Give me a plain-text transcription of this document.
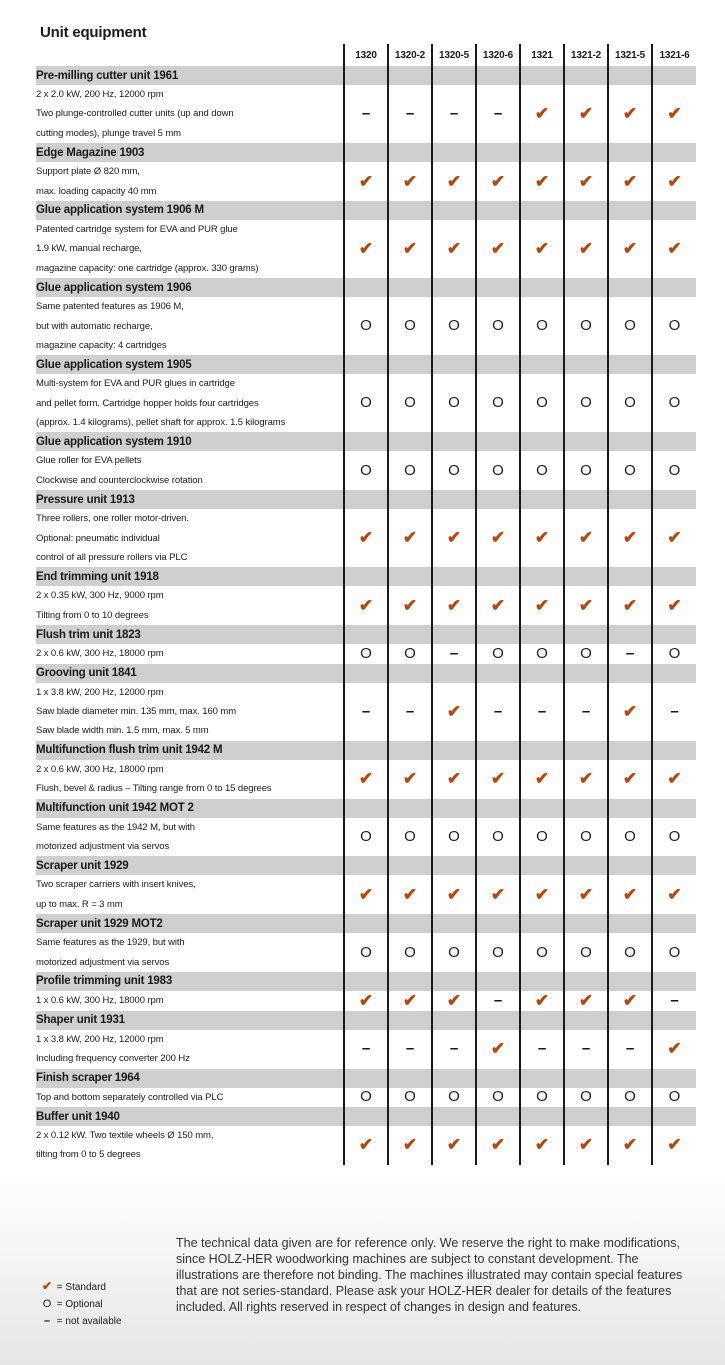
Unit equipment
	1320	1320-2	1320-5	1320-6	1321	1321-2	1321-5	1321-6
Pre-milling cutter unit 1961								

2 x 2.0 kW, 200 Hz, 12000 rpm
Two plunge-controlled cutter units (up and down
cutting modes), plunge travel 5 mm	–	–	–	–	✔	✔	✔	✔
Edge Magazine 1903								

Support plate Ø 820 mm,
max. loading capacity 40 mm	✔	✔	✔	✔	✔	✔	✔	✔
Glue application system 1906 M								

Patented cartridge system for EVA and PUR glue
1.9 kW, manual recharge,
magazine capacity: one cartridge (approx. 330 grams)	✔	✔	✔	✔	✔	✔	✔	✔
Glue application system 1906								

Same patented features as 1906 M,
but with automatic recharge,
magazine capacity: 4 cartridges	O	O	O	O	O	O	O	O
Glue application system 1905								

Multi-system for EVA and PUR glues in cartridge
and pellet form. Cartridge hopper holds four cartridges
(approx. 1.4 kilograms), pellet shaft for approx. 1.5 kilograms	O	O	O	O	O	O	O	O
Glue application system 1910								

Glue roller for EVA pellets
Clockwise and counterclockwise rotation	O	O	O	O	O	O	O	O
Pressure unit 1913								

Three rollers, one roller motor-driven.
Optional: pneumatic individual
control of all pressure rollers via PLC	✔	✔	✔	✔	✔	✔	✔	✔
End trimming unit 1918								

2 x 0.35 kW, 300 Hz, 9000 rpm
Tilting from 0 to 10 degrees	✔	✔	✔	✔	✔	✔	✔	✔
Flush trim unit 1823								

2 x 0.6 kW, 300 Hz, 18000 rpm	O	O	–	O	O	O	–	O
Grooving unit 1841								

1 x 3.8 kW, 200 Hz, 12000 rpm
Saw blade diameter min. 135 mm, max. 160 mm
Saw blade width min. 1.5 mm, max. 5 mm	–	–	✔	–	–	–	✔	–
Multifunction flush trim unit 1942 M								

2 x 0.6 kW, 300 Hz, 18000 rpm
Flush, bevel & radius – Tilting range from 0 to 15 degrees	✔	✔	✔	✔	✔	✔	✔	✔
Multifunction unit 1942 MOT 2								

Same features as the 1942 M, but with
motorized adjustment via servos	O	O	O	O	O	O	O	O
Scraper unit 1929								

Two scraper carriers with insert knives,
up to max. R = 3 mm	✔	✔	✔	✔	✔	✔	✔	✔
Scraper unit 1929 MOT2								

Same features as the 1929, but with
motorized adjustment via servos	O	O	O	O	O	O	O	O
Profile trimming unit 1983								

1 x 0.6 kW, 300 Hz, 18000 rpm	✔	✔	✔	–	✔	✔	✔	–
Shaper unit 1931								

1 x 3.8 kW, 200 Hz, 12000 rpm
Including frequency converter 200 Hz	–	–	–	✔	–	–	–	✔
Finish scraper 1964								

Top and bottom separately controlled via PLC	O	O	O	O	O	O	O	O
Buffer unit 1940								

2 x 0.12 kW. Two textile wheels Ø 150 mm,
tilting from 0 to 5 degrees	✔	✔	✔	✔	✔	✔	✔	✔
✔ = Standard
O = Optional
– = not available
The technical data given are for reference only. We reserve the right to make modifications, since HOLZ-HER woodworking machines are subject to constant development. The illustrations are therefore not binding. The machines illustrated may contain special features that are not series-standard. Please ask your HOLZ-HER dealer for details of the features included. All rights reserved in respect of changes in design and features.
